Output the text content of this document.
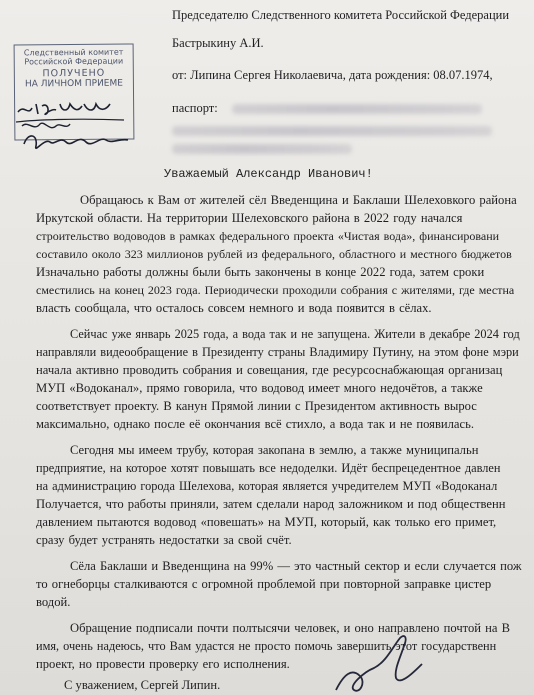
Следственный комитет
Российской Федерации
ПОЛУЧЕНО
НА ЛИЧНОМ ПРИЕМЕ
Председателю Следственного комитета Российской Федерации
Бастрыкину А.И.
от: Липина Сергея Николаевича, дата рождения: 08.07.1974,
паспорт:
Уважаемый Александр Иванович!
Обращаюсь к Вам от жителей сёл Введенщина и Баклаши Шелеховкого района
Иркутской области. На территории Шелеховского района в 2022 году начался
строительство водоводов в рамках федерального проекта «Чистая вода», финансировани
составило около 323 миллионов рублей из федерального, областного и местного бюджетов
Изначально работы должны были быть закончены в конце 2022 года, затем сроки
сместились на конец 2023 года. Периодически проходили собрания с жителями, где местна
власть сообщала, что осталось совсем немного и вода появится в сёлах.
Сейчас уже январь 2025 года, а вода так и не запущена. Жители в декабре 2024 год
направляли видеообращение в Президенту страны Владимиру Путину, на этом фоне мэри
начала активно проводить собрания и совещания, где ресурсоснабжающая организац
МУП «Водоканал», прямо говорила, что водовод имеет много недочётов, а также
соответствует проекту. В канун Прямой линии с Президентом активность вырос
максимально, однако после её окончания всё стихло, а вода так и не появилась.
Сегодня мы имеем трубу, которая закопана в землю, а также муниципальн
предприятие, на которое хотят повышать все недоделки. Идёт беспрецедентное давлен
на администрацию города Шелехова, которая является учредителем МУП «Водоканал
Получается, что работы приняли, затем сделали народ заложником и под общественн
давлением пытаются водовод «повешать» на МУП, который, как только его примет,
сразу будет устранять недостатки за свой счёт.
Сёла Баклаши и Введенщина на 99% — это частный сектор и если случается пож
то огнеборцы сталкиваются с огромной проблемой при повторной заправке цистер
водой.
Обращение подписали почти полтысячи человек, и оно направлено почтой на В
имя, очень надеюсь, что Вам удастся не просто помочь завершить этот государственн
проект, но провести проверку его исполнения.
С уважением, Сергей Липин.
